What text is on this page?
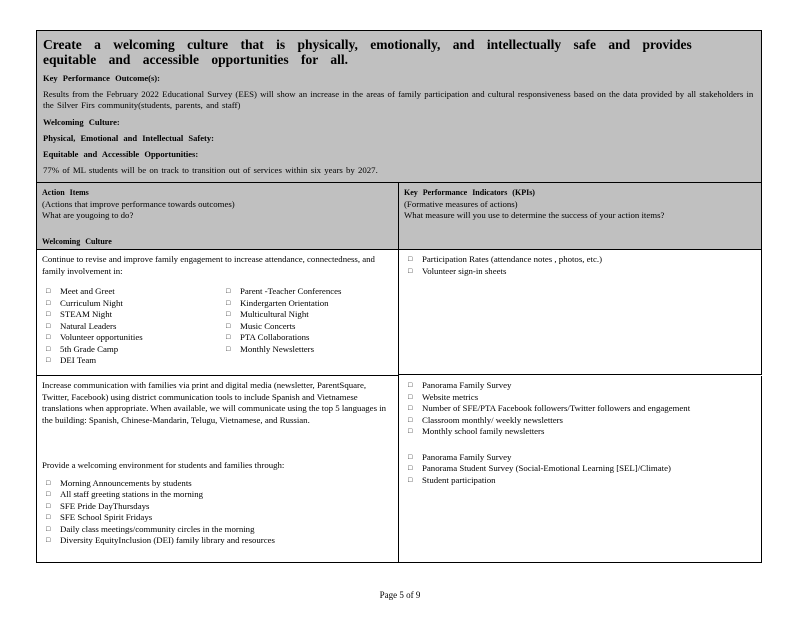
Create a welcoming culture that is physically, emotionally, and intellectually safe and provides equitable and accessible opportunities for all.

Key Performance Outcome(s):

Results from the February 2022 Educational Survey (EES) will show an increase in the areas of family participation and cultural responsiveness based on the data provided by all stakeholders in the Silver Firs community(students, parents, and staff)

Welcoming Culture:

Physical, Emotional and Intellectual Safety:

Equitable and Accessible Opportunities:

77% of ML students will be on track to transition out of services within six years by 2027.

Action Items
(Actions that improve performance towards outcomes)
What are yougoing to do?
Welcoming Culture
Key Performance Indicators (KPIs)
(Formative measures of actions)
What measure will you use to determine the success of your action items?
Continue to revise and improve family engagement to increase attendance, connectedness, and family involvement in:
□ Meet and Greet
□ Curriculum Night
□ STEAM Night
□ Natural Leaders
□ Volunteer opportunities
□ 5th Grade Camp
□ DEI Team
□ Parent -Teacher Conferences
□ Kindergarten Orientation
□ Multicultural Night
□ Music Concerts
□ PTA Collaborations
□ Monthly Newsletters
□ Participation Rates (attendance notes , photos, etc.)
□ Volunteer sign-in sheets

Increase communication with families via print and digital media (newsletter, ParentSquare, Twitter, Facebook) using district communication tools to include Spanish and Vietnamese translations when appropriate. When available, we will communicate using the top 5 languages in the building: Spanish, Chinese-Mandarin, Telugu, Vietnamese, and Russian.

Provide a welcoming environment for students and families through:

□ Morning Announcements by students
□ All staff greeting stations in the morning
□ SFE Pride DayThursdays
□ SFE School Spirit Fridays
□ Daily class meetings/community circles in the morning
□ Diversity EquityInclusion (DEI) family library and resources
□ Panorama Family Survey
□ Website metrics
□ Number of SFE/PTA Facebook followers/Twitter followers and engagement
□ Classroom monthly/ weekly newsletters
□ Monthly school family newsletters
□ Panorama Family Survey
□ Panorama Student Survey (Social-Emotional Learning [SEL]/Climate)
□ Student participation
Page 5 of 9
